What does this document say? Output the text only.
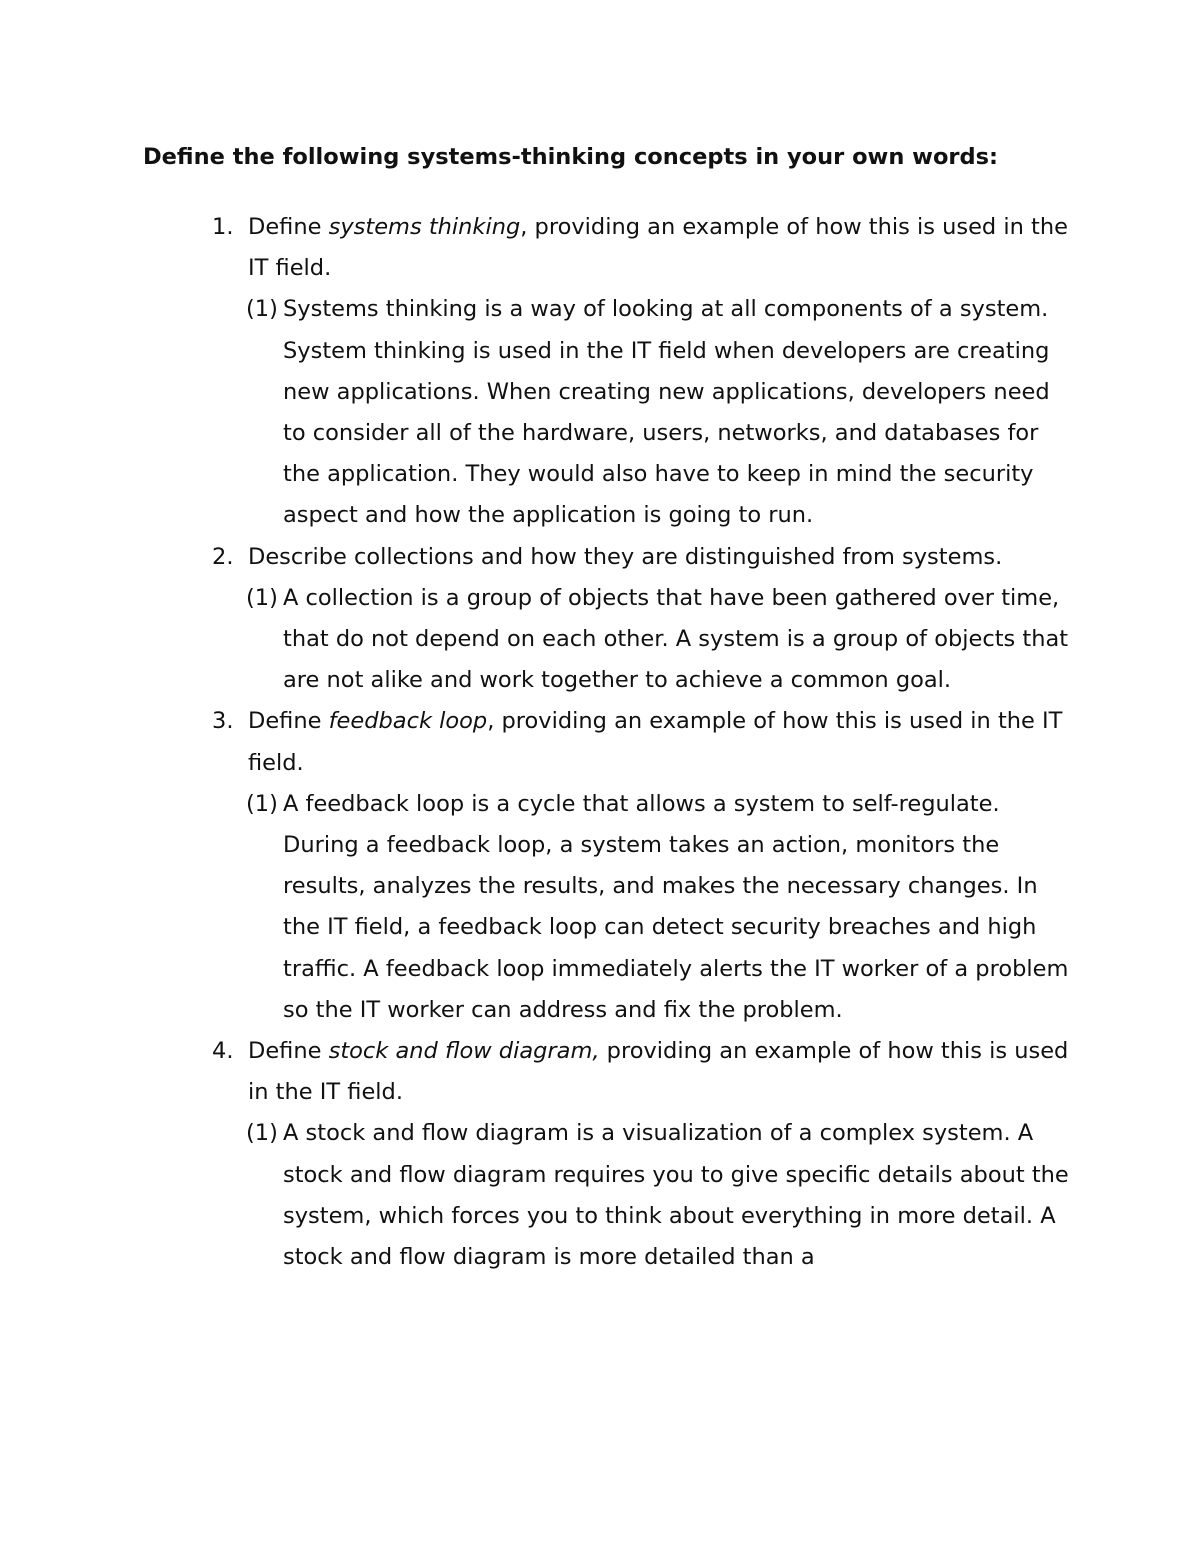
Define the following systems-thinking concepts in your own words:
1. Define systems thinking, providing an example of how this is used in the IT field.
(1) Systems thinking is a way of looking at all components of a system. System thinking is used in the IT field when developers are creating new applications. When creating new applications, developers need to consider all of the hardware, users, networks, and databases for the application. They would also have to keep in mind the security aspect and how the application is going to run.
2. Describe collections and how they are distinguished from systems.
(1) A collection is a group of objects that have been gathered over time, that do not depend on each other. A system is a group of objects that are not alike and work together to achieve a common goal.
3. Define feedback loop, providing an example of how this is used in the IT field.
(1) A feedback loop is a cycle that allows a system to self-regulate. During a feedback loop, a system takes an action, monitors the results, analyzes the results, and makes the necessary changes. In the IT field, a feedback loop can detect security breaches and high traffic. A feedback loop immediately alerts the IT worker of a problem so the IT worker can address and fix the problem.
4. Define stock and flow diagram, providing an example of how this is used in the IT field.
(1) A stock and flow diagram is a visualization of a complex system. A stock and flow diagram requires you to give specific details about the system, which forces you to think about everything in more detail. A stock and flow diagram is more detailed than a
